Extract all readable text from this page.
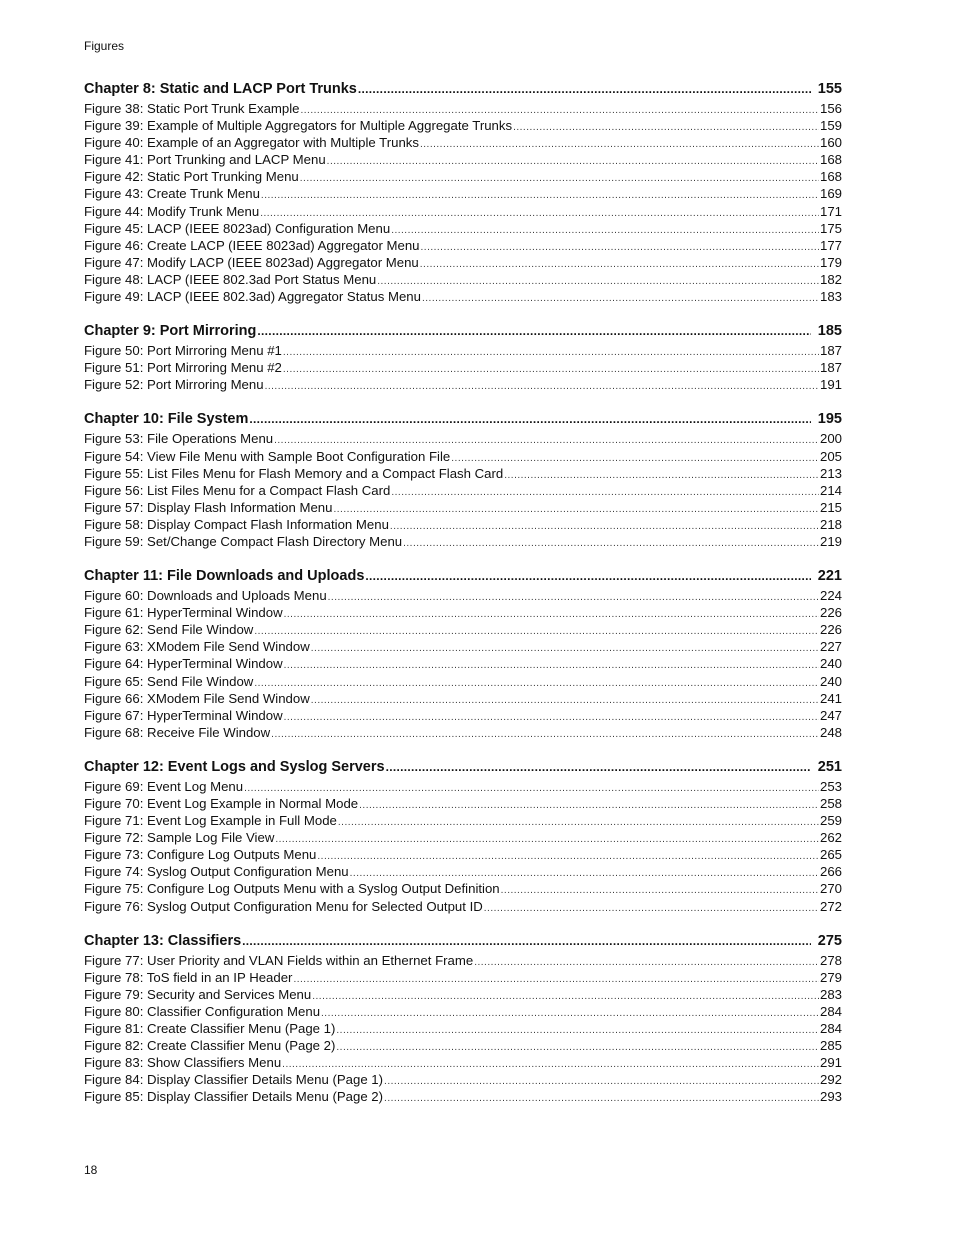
Figures
Chapter 8: Static and LACP Port Trunks .....	155
Figure 38: Static Port Trunk Example .....	156
Figure 39: Example of Multiple Aggregators for Multiple Aggregate Trunks .....	159
Figure 40: Example of an Aggregator with Multiple Trunks .....	160
Figure 41: Port Trunking and LACP Menu .....	168
Figure 42: Static Port Trunking Menu .....	168
Figure 43: Create Trunk Menu .....	169
Figure 44: Modify Trunk Menu .....	171
Figure 45: LACP (IEEE 8023ad) Configuration Menu .....	175
Figure 46: Create LACP (IEEE 8023ad) Aggregator Menu .....	177
Figure 47: Modify LACP (IEEE 8023ad) Aggregator Menu .....	179
Figure 48: LACP (IEEE 802.3ad Port Status Menu .....	182
Figure 49: LACP (IEEE 802.3ad) Aggregator Status Menu .....	183
Chapter 9: Port Mirroring .....	185
Figure 50: Port Mirroring Menu #1 .....	187
Figure 51: Port Mirroring Menu #2 .....	187
Figure 52: Port Mirroring Menu .....	191
Chapter 10: File System .....	195
Figure 53: File Operations Menu .....	200
Figure 54: View File Menu with Sample Boot Configuration File .....	205
Figure 55: List Files Menu for Flash Memory and a Compact Flash Card .....	213
Figure 56: List Files Menu for a Compact Flash Card .....	214
Figure 57: Display Flash Information Menu .....	215
Figure 58: Display Compact Flash Information Menu .....	218
Figure 59: Set/Change Compact Flash Directory Menu .....	219
Chapter 11: File Downloads and Uploads .....	221
Figure 60: Downloads and Uploads Menu .....	224
Figure 61: HyperTerminal Window .....	226
Figure 62: Send File Window .....	226
Figure 63: XModem File Send Window .....	227
Figure 64: HyperTerminal Window .....	240
Figure 65: Send File Window .....	240
Figure 66: XModem File Send Window .....	241
Figure 67: HyperTerminal Window .....	247
Figure 68: Receive File Window .....	248
Chapter 12: Event Logs and Syslog Servers .....	251
Figure 69: Event Log Menu .....	253
Figure 70: Event Log Example in Normal Mode .....	258
Figure 71: Event Log Example in Full Mode .....	259
Figure 72: Sample Log File View .....	262
Figure 73: Configure Log Outputs Menu .....	265
Figure 74: Syslog Output Configuration Menu .....	266
Figure 75: Configure Log Outputs Menu with a Syslog Output Definition .....	270
Figure 76: Syslog Output Configuration Menu for Selected Output ID .....	272
Chapter 13: Classifiers .....	275
Figure 77: User Priority and VLAN Fields within an Ethernet Frame .....	278
Figure 78: ToS field in an IP Header .....	279
Figure 79: Security and Services Menu .....	283
Figure 80: Classifier Configuration Menu .....	284
Figure 81: Create Classifier Menu (Page 1) .....	284
Figure 82: Create Classifier Menu (Page 2) .....	285
Figure 83: Show Classifiers Menu .....	291
Figure 84: Display Classifier Details Menu (Page 1) .....	292
Figure 85: Display Classifier Details Menu (Page 2) .....	293
18
